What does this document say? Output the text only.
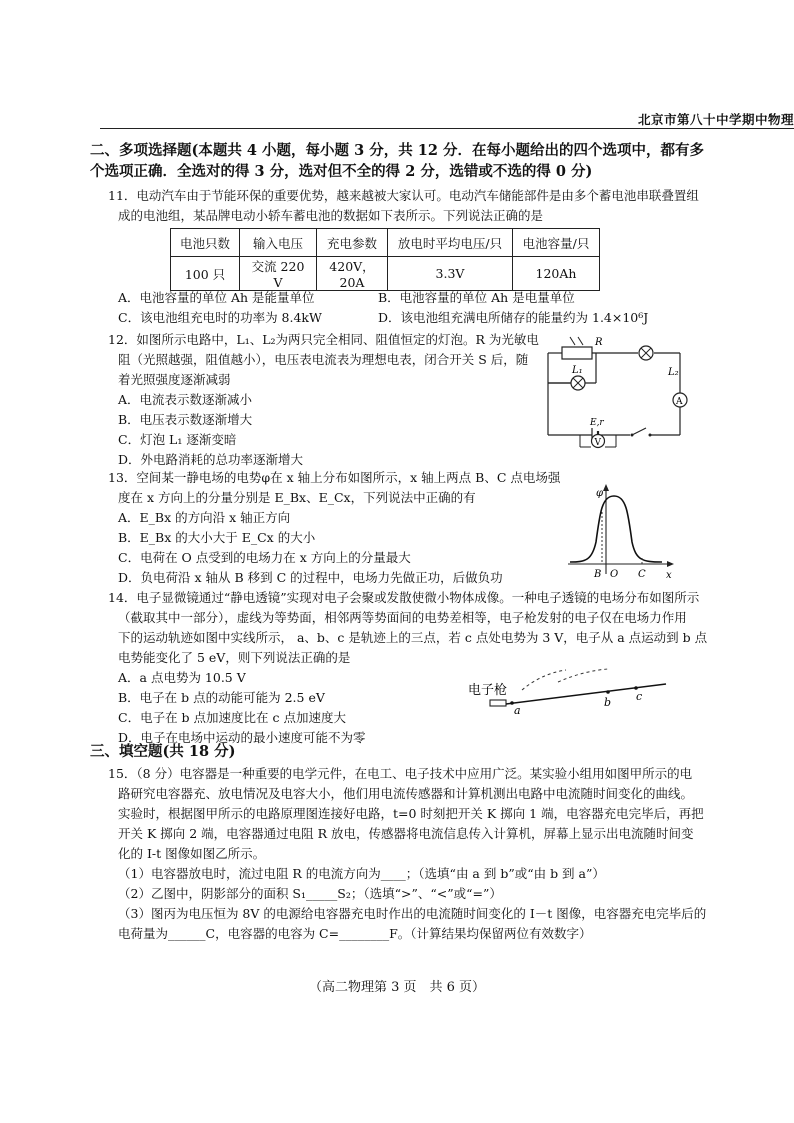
北京市第八十中学期中物理
二、多项选择题(本题共 4 小题，每小题 3 分，共 12 分．在每小题给出的四个选项中，都有多
个选项正确．全选对的得 3 分，选对但不全的得 2 分，选错或不选的得 0 分)
11．电动汽车由于节能环保的重要优势，越来越被大家认可。电动汽车储能部件是由多个蓄电池串联叠置组
成的电池组，某品牌电动小轿车蓄电池的数据如下表所示。下列说法正确的是
电池只数	输入电压	充电参数	放电时平均电压/只	电池容量/只
100 只	交流 220 V	420V，20A	3.3V	120Ah
A．电池容量的单位 Ah 是能量单位	B．电池容量的单位 Ah 是电量单位
C．该电池组充电时的功率为 8.4kW	D．该电池组充满电所储存的能量约为 1.4×10⁶J
12．如图所示电路中，L₁、L₂为两只完全相同、阻值恒定的灯泡。R 为光敏电
阻（光照越强，阻值越小），电压表电流表为理想电表，闭合开关 S 后，随
着光照强度逐渐减弱
A．电流表示数逐渐减小
B．电压表示数逐渐增大
C．灯泡 L₁ 逐渐变暗
D．外电路消耗的总功率逐渐增大
R
L₂
L₁
A
E,r
V
13．空间某一静电场的电势φ在 x 轴上分布如图所示，x 轴上两点 B、C 点电场强
度在 x 方向上的分量分别是 E_Bx、E_Cx，下列说法中正确的有
A．E_Bx 的方向沿 x 轴正方向
B．E_Bx 的大小大于 E_Cx 的大小
C．电荷在 O 点受到的电场力在 x 方向上的分量最大
D．负电荷沿 x 轴从 B 移到 C 的过程中，电场力先做正功，后做负功
φ
x
B O C
14．电子显微镜通过“静电透镜”实现对电子会聚或发散使微小物体成像。一种电子透镜的电场分布如图所示
（截取其中一部分），虚线为等势面，相邻两等势面间的电势差相等，电子枪发射的电子仅在电场力作用
下的运动轨迹如图中实线所示， a、b、c 是轨迹上的三点，若 c 点处电势为 3 V，电子从 a 点运动到 b 点
电势能变化了 5 eV，则下列说法正确的是
A．a 点电势为 10.5 V
B．电子在 b 点的动能可能为 2.5 eV
C．电子在 b 点加速度比在 c 点加速度大
D．电子在电场中运动的最小速度可能不为零
电子枪
a
b c
三、填空题(共 18 分)
15．（8 分）电容器是一种重要的电学元件，在电工、电子技术中应用广泛。某实验小组用如图甲所示的电
路研究电容器充、放电情况及电容大小，他们用电流传感器和计算机测出电路中电流随时间变化的曲线。
实验时，根据图甲所示的电路原理图连接好电路，t=0 时刻把开关 K 掷向 1 端，电容器充电完毕后，再把
开关 K 掷向 2 端，电容器通过电阻 R 放电，传感器将电流信息传入计算机，屏幕上显示出电流随时间变
化的 I-t 图像如图乙所示。
（1）电容器放电时，流过电阻 R 的电流方向为____；（选填“由 a 到 b”或“由 b 到 a”）
（2）乙图中，阴影部分的面积 S₁_____S₂；（选填“>”、“<”或“=”）
（3）图丙为电压恒为 8V 的电源给电容器充电时作出的电流随时间变化的 I－t 图像，电容器充电完毕后的
电荷量为______C，电容器的电容为 C=________F。（计算结果均保留两位有效数字）
（高二物理第 3 页　共 6 页）
